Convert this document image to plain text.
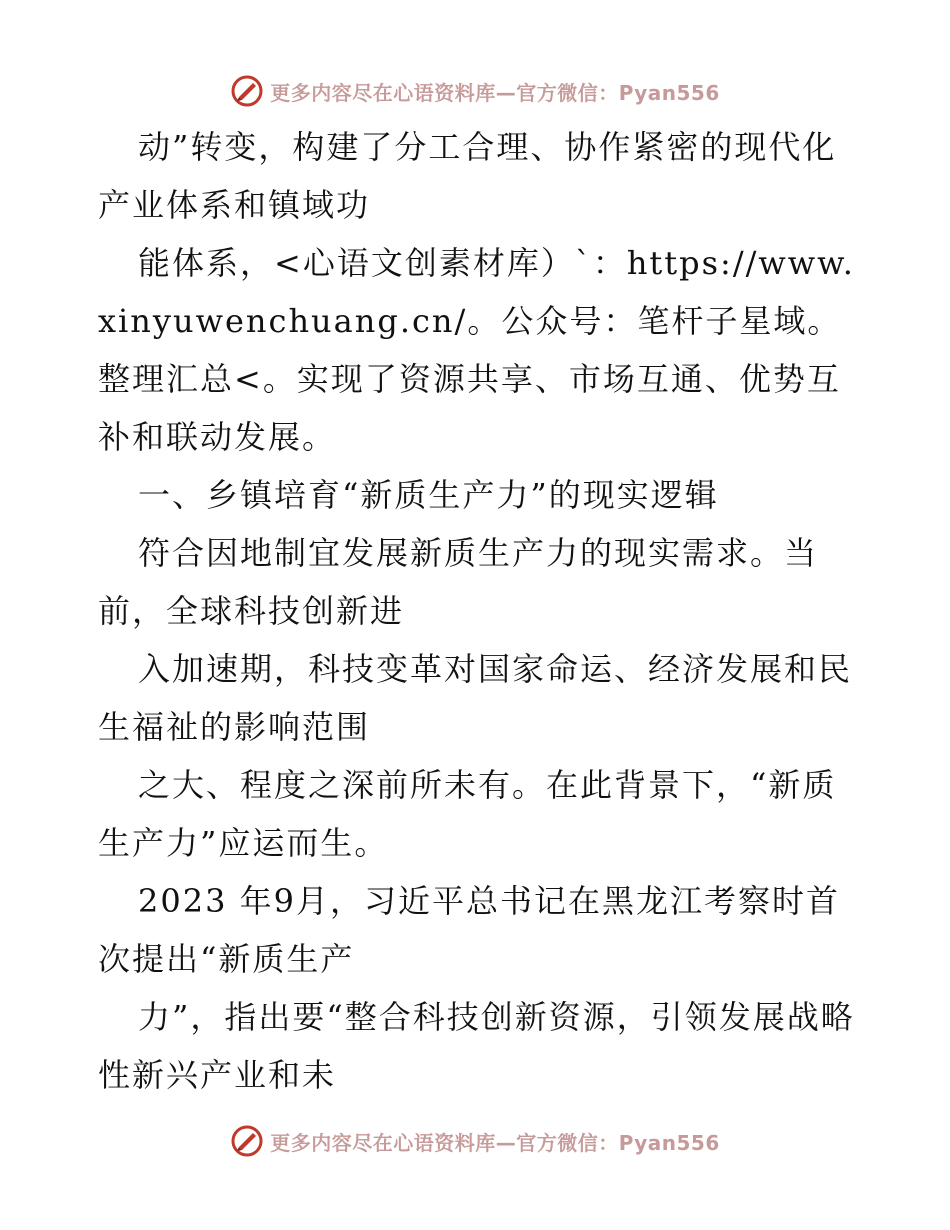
更多内容尽在心语资料库—官方微信：Pyan556

动”转变，构建了分工合理、协作紧密的现代化产业体系和镇域功

能体系，<心语文创素材库）`：https://www.xinyuwenchuang.cn/。公众号：笔杆子星域。整理汇总<。实现了资源共享、市场互通、优势互补和联动发展。

一、乡镇培育“新质生产力”的现实逻辑

符合因地制宜发展新质生产力的现实需求。当前，全球科技创新进

入加速期，科技变革对国家命运、经济发展和民生福祉的影响范围

之大、程度之深前所未有。在此背景下，“新质生产力”应运而生。

2023 年9月，习近平总书记在黑龙江考察时首次提出“新质生产

力”，指出要“整合科技创新资源，引领发展战略性新兴产业和未

更多内容尽在心语资料库—官方微信：Pyan556
